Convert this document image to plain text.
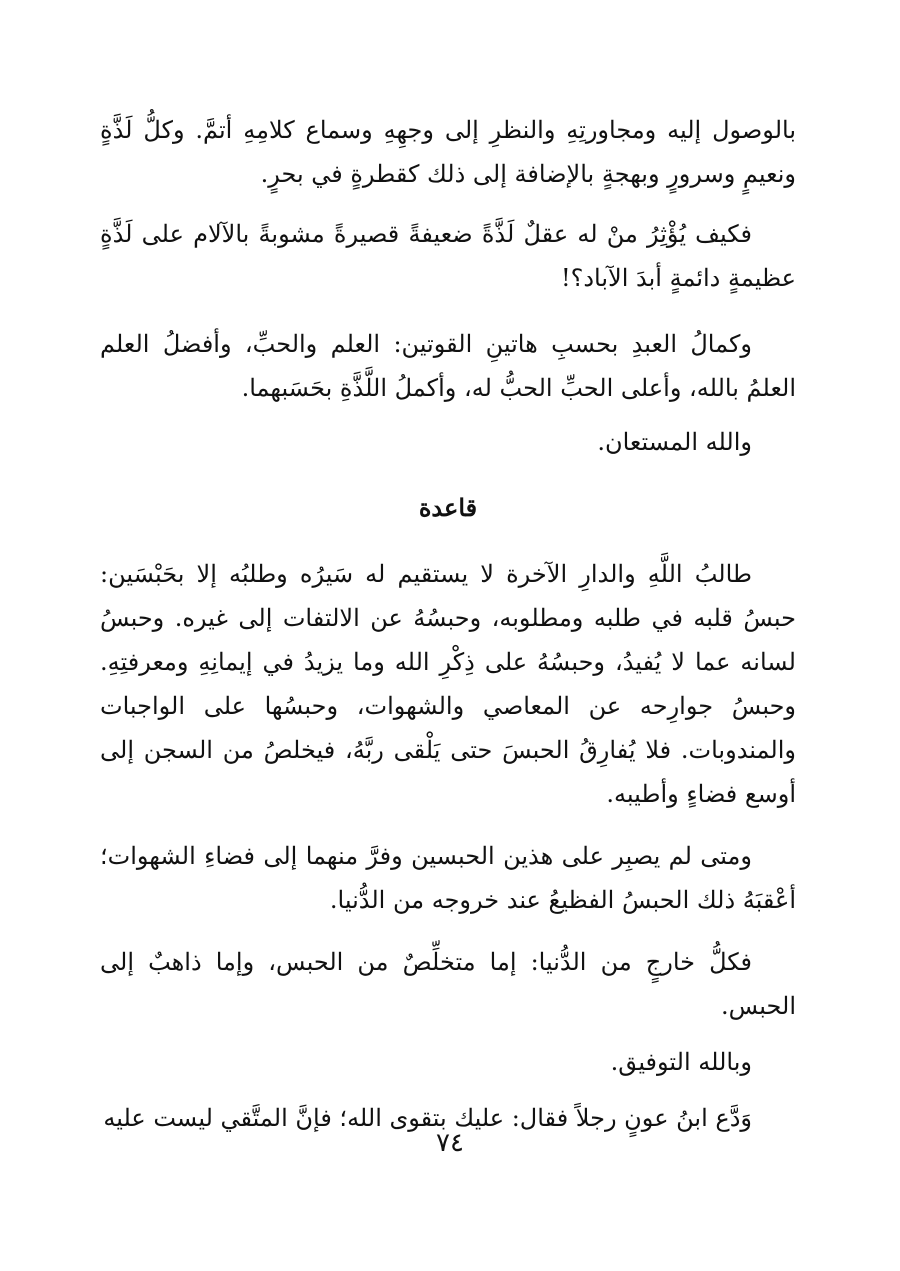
بالوصول إليه ومجاورتِهِ والنظرِ إلى وجهِهِ وسماع كلامِهِ أتمَّ. وكلُّ لَذَّةٍ ونعيمٍ وسرورٍ وبهجةٍ بالإضافة إلى ذلك كقطرةٍ في بحرٍ.

فكيف يُؤْثِرُ منْ له عقلٌ لَذَّةً ضعيفةً قصيرةً مشوبةً بالآلام على لَذَّةٍ عظيمةٍ دائمةٍ أبدَ الآباد؟!

وكمالُ العبدِ بحسبِ هاتينِ القوتين: العلم والحبِّ، وأفضلُ العلم العلمُ بالله، وأعلى الحبِّ الحبُّ له، وأكملُ اللَّذَّةِ بحَسَبهما.

والله المستعان.

قاعدة

طالبُ اللَّهِ والدارِ الآخرة لا يستقيم له سَيرُه وطلبُه إلا بحَبْسَين: حبسُ قلبه في طلبه ومطلوبه، وحبسُهُ عن الالتفات إلى غيره. وحبسُ لسانه عما لا يُفيدُ، وحبسُهُ على ذِكْرِ الله وما يزيدُ في إيمانِهِ ومعرفتِهِ. وحبسُ جوارِحه عن المعاصي والشهوات، وحبسُها على الواجبات والمندوبات. فلا يُفارِقُ الحبسَ حتى يَلْقى ربَّهُ، فيخلصُ من السجن إلى أوسع فضاءٍ وأطيبه.

ومتى لم يصبِر على هذين الحبسين وفرَّ منهما إلى فضاءِ الشهوات؛ أعْقبَهُ ذلك الحبسُ الفظيعُ عند خروجه من الدُّنيا.

فكلُّ خارجٍ من الدُّنيا: إما متخلِّصٌ من الحبس، وإما ذاهبٌ إلى الحبس.

وبالله التوفيق.

وَدَّع ابنُ عونٍ رجلاً فقال: عليك بتقوى الله؛ فإنَّ المتَّقي ليست عليه

٧٤
